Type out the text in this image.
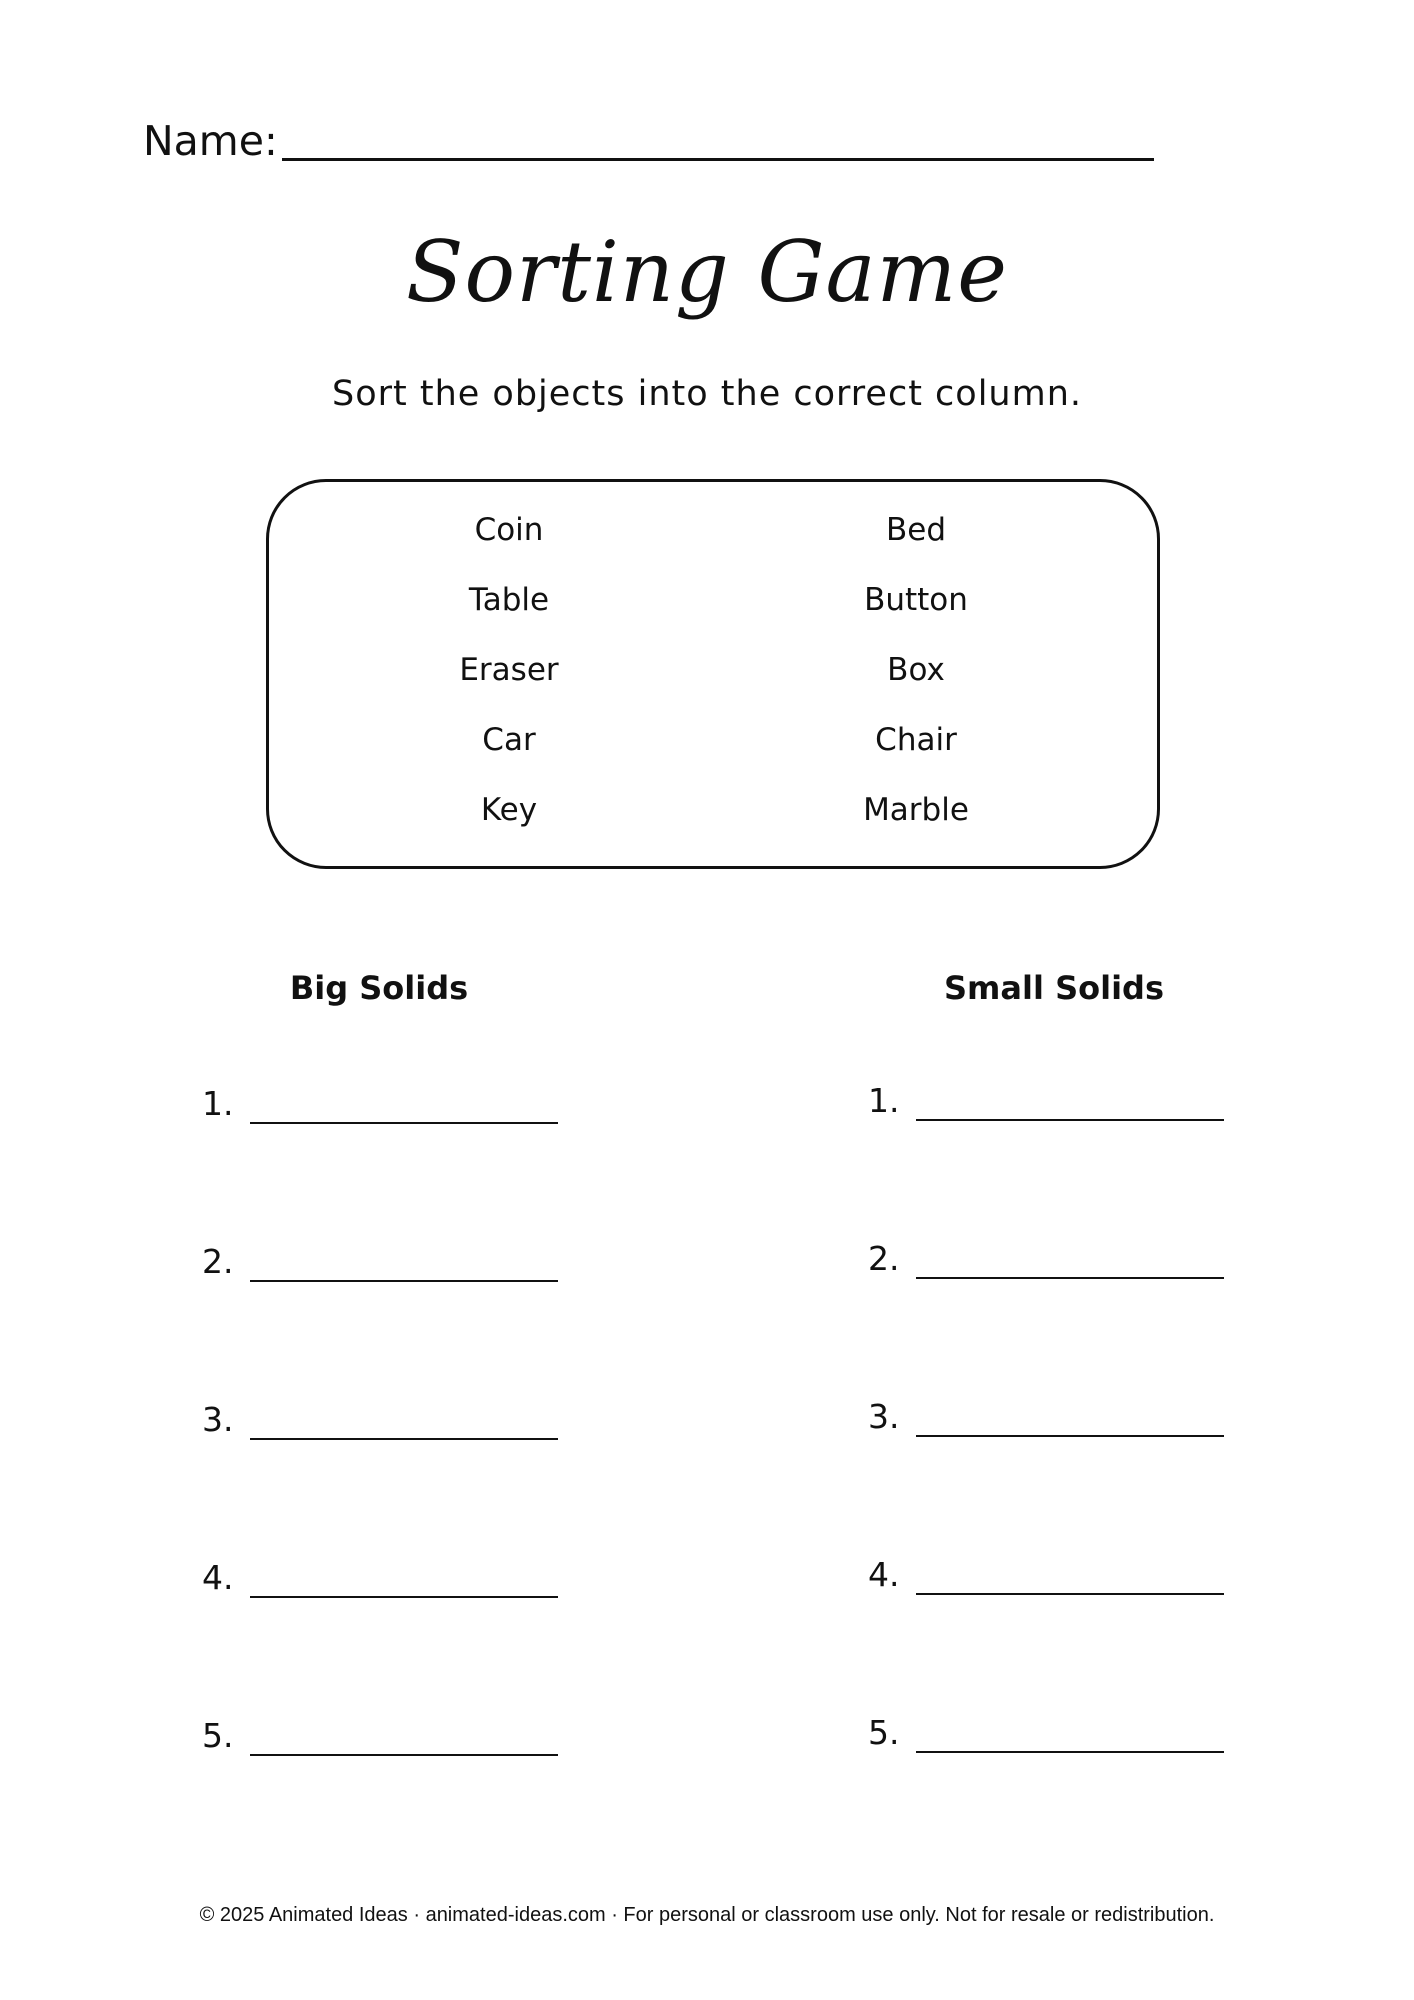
Name:
Sorting Game
Sort the objects into the correct column.
Coin
Table
Eraser
Car
Key
Bed
Button
Box
Chair
Marble
Big Solids	Small Solids
1.
2.
3.
4.
5.
1.
2.
3.
4.
5.
© 2025 Animated Ideas · animated-ideas.com · For personal or classroom use only. Not for resale or redistribution.
